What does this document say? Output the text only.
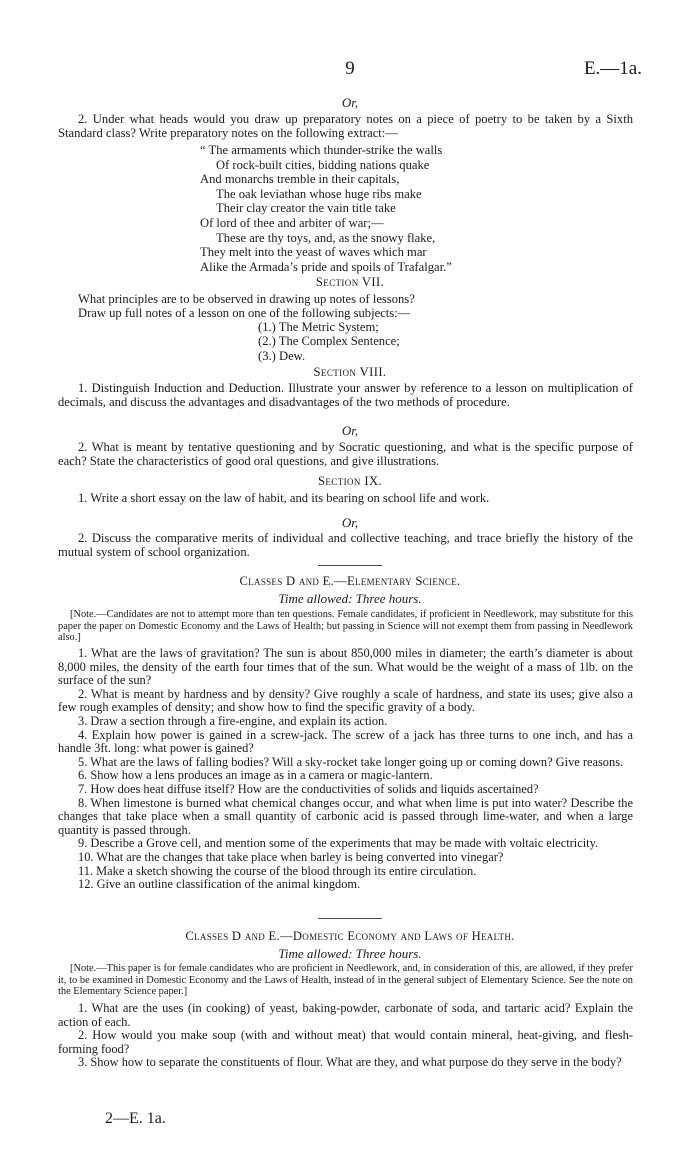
9	E.—1a.
Or,

2. Under what heads would you draw up preparatory notes on a piece of poetry to be taken by a Sixth Standard class? Write preparatory notes on the following extract:—

“ The armaments which thunder-strike the walls
Of rock-built cities, bidding nations quake
And monarchs tremble in their capitals,
The oak leviathan whose huge ribs make
Their clay creator the vain title take
Of lord of thee and arbiter of war;—
These are thy toys, and, as the snowy flake,
They melt into the yeast of waves which mar
Alike the Armada’s pride and spoils of Trafalgar.”
Section VII.

What principles are to be observed in drawing up notes of lessons?

Draw up full notes of a lesson on one of the following subjects:—

(1.) The Metric System;
(2.) The Complex Sentence;
(3.) Dew.
Section VIII.

1. Distinguish Induction and Deduction. Illustrate your answer by reference to a lesson on multiplication of decimals, and discuss the advantages and disadvantages of the two methods of procedure.

Or,

2. What is meant by tentative questioning and by Socratic questioning, and what is the specific purpose of each? State the characteristics of good oral questions, and give illustrations.

Section IX.

1. Write a short essay on the law of habit, and its bearing on school life and work.

Or,

2. Discuss the comparative merits of individual and collective teaching, and trace briefly the history of the mutual system of school organization.

Classes D and E.—Elementary Science.
Time allowed: Three hours.

[Note.—Candidates are not to attempt more than ten questions. Female candidates, if proficient in Needlework, may substitute for this paper the paper on Domestic Economy and the Laws of Health; but passing in Science will not exempt them from passing in Needlework also.]

1. What are the laws of gravitation? The sun is about 850,000 miles in diameter; the earth’s diameter is about 8,000 miles, the density of the earth four times that of the sun. What would be the weight of a mass of 1lb. on the surface of the sun?

2. What is meant by hardness and by density? Give roughly a scale of hardness, and state its uses; give also a few rough examples of density; and show how to find the specific gravity of a body.

3. Draw a section through a fire-engine, and explain its action.

4. Explain how power is gained in a screw-jack. The screw of a jack has three turns to one inch, and has a handle 3ft. long: what power is gained?

5. What are the laws of falling bodies? Will a sky-rocket take longer going up or coming down? Give reasons.

6. Show how a lens produces an image as in a camera or magic-lantern.

7. How does heat diffuse itself? How are the conductivities of solids and liquids ascertained?

8. When limestone is burned what chemical changes occur, and what when lime is put into water? Describe the changes that take place when a small quantity of carbonic acid is passed through lime-water, and when a large quantity is passed through.

9. Describe a Grove cell, and mention some of the experiments that may be made with voltaic electricity.

10. What are the changes that take place when barley is being converted into vinegar?

11. Make a sketch showing the course of the blood through its entire circulation.

12. Give an outline classification of the animal kingdom.

Classes D and E.—Domestic Economy and Laws of Health.
Time allowed: Three hours.

[Note.—This paper is for female candidates who are proficient in Needlework, and, in consideration of this, are allowed, if they prefer it, to be examined in Domestic Economy and the Laws of Health, instead of in the general subject of Elementary Science. See the note on the Elementary Science paper.]

1. What are the uses (in cooking) of yeast, baking-powder, carbonate of soda, and tartaric acid? Explain the action of each.

2. How would you make soup (with and without meat) that would contain mineral, heat-giving, and flesh-forming food?

3. Show how to separate the constituents of flour. What are they, and what purpose do they serve in the body?

2—E. 1a.
